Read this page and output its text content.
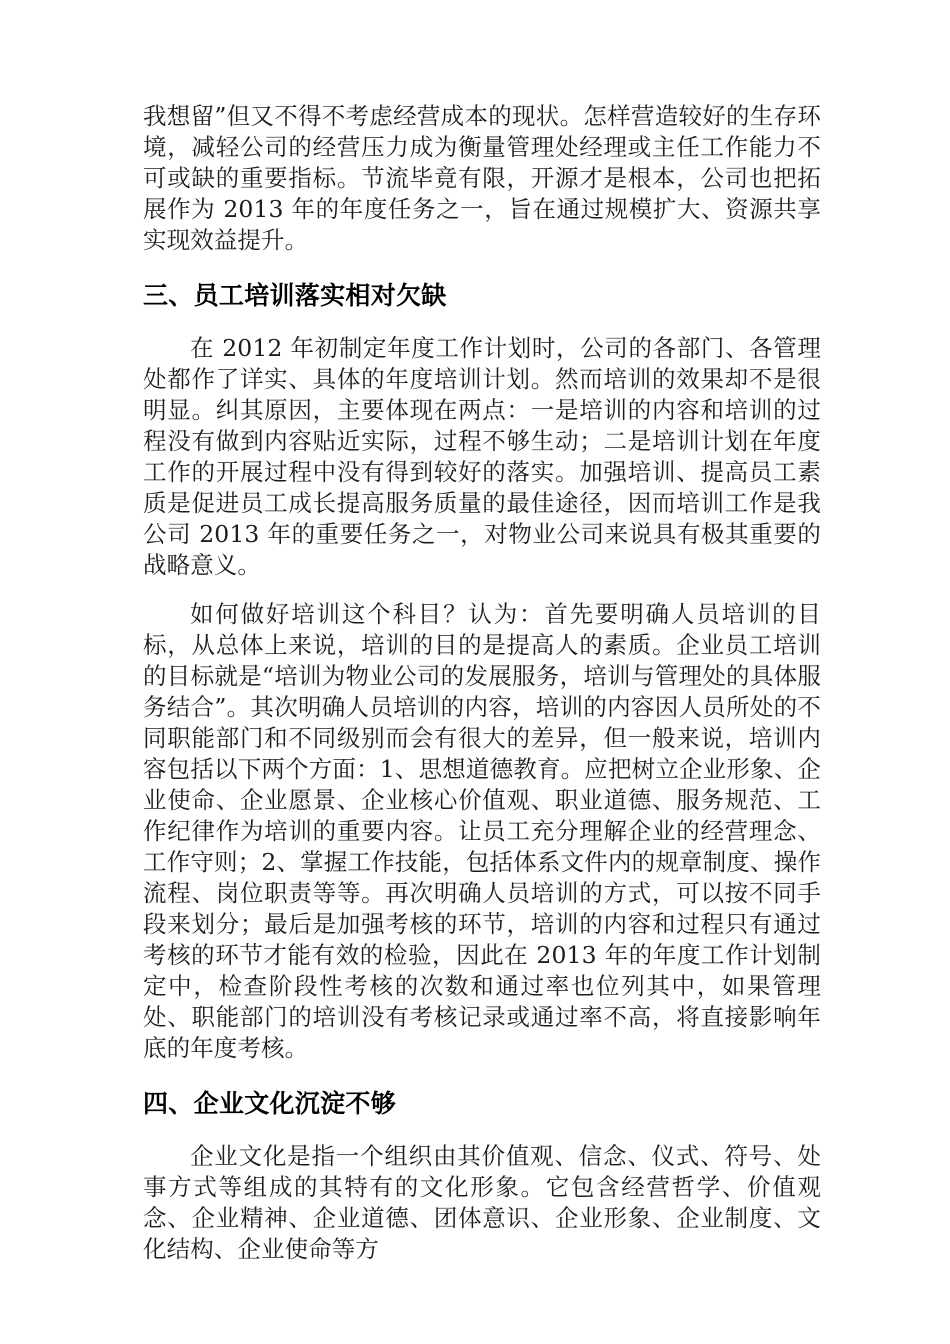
我想留”但又不得不考虑经营成本的现状。怎样营造较好的生存环境，减轻公司的经营压力成为衡量管理处经理或主任工作能力不可或缺的重要指标。节流毕竟有限，开源才是根本，公司也把拓展作为 2013 年的年度任务之一，旨在通过规模扩大、资源共享实现效益提升。

三、员工培训落实相对欠缺

在 2012 年初制定年度工作计划时，公司的各部门、各管理处都作了详实、具体的年度培训计划。然而培训的效果却不是很明显。纠其原因，主要体现在两点：一是培训的内容和培训的过程没有做到内容贴近实际，过程不够生动；二是培训计划在年度工作的开展过程中没有得到较好的落实。加强培训、提高员工素质是促进员工成长提高服务质量的最佳途径，因而培训工作是我公司 2013 年的重要任务之一，对物业公司来说具有极其重要的战略意义。

如何做好培训这个科目？认为：首先要明确人员培训的目标，从总体上来说，培训的目的是提高人的素质。企业员工培训的目标就是“培训为物业公司的发展服务，培训与管理处的具体服务结合”。其次明确人员培训的内容，培训的内容因人员所处的不同职能部门和不同级别而会有很大的差异，但一般来说，培训内容包括以下两个方面：1、思想道德教育。应把树立企业形象、企业使命、企业愿景、企业核心价值观、职业道德、服务规范、工作纪律作为培训的重要内容。让员工充分理解企业的经营理念、工作守则；2、掌握工作技能，包括体系文件内的规章制度、操作流程、岗位职责等等。再次明确人员培训的方式，可以按不同手段来划分；最后是加强考核的环节，培训的内容和过程只有通过考核的环节才能有效的检验，因此在 2013 年的年度工作计划制定中，检查阶段性考核的次数和通过率也位列其中，如果管理处、职能部门的培训没有考核记录或通过率不高，将直接影响年底的年度考核。

四、企业文化沉淀不够

企业文化是指一个组织由其价值观、信念、仪式、符号、处事方式等组成的其特有的文化形象。它包含经营哲学、价值观念、企业精神、企业道德、团体意识、企业形象、企业制度、文化结构、企业使命等方
